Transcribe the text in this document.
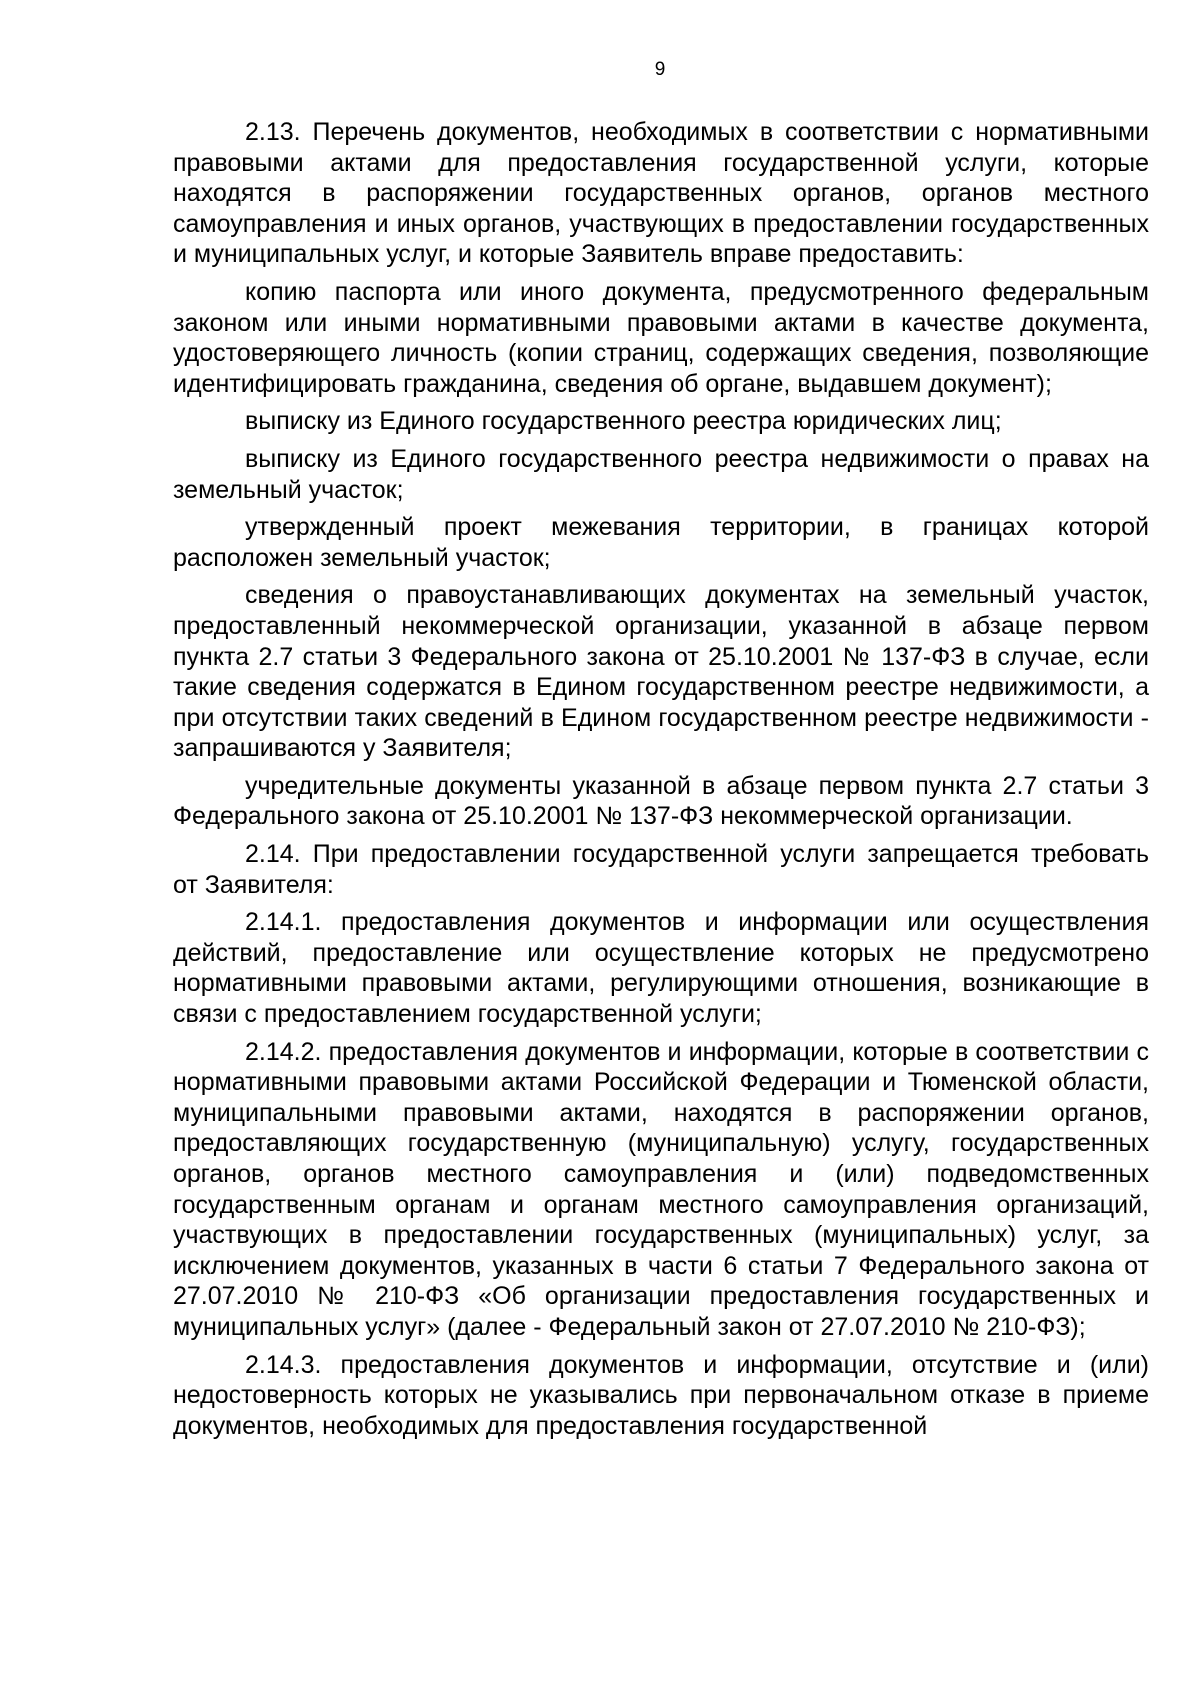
9

2.13. Перечень документов, необходимых в соответствии с нормативными правовыми актами для предоставления государственной услуги, которые находятся в распоряжении государственных органов, органов местного самоуправления и иных органов, участвующих в предоставлении государственных и муниципальных услуг, и которые Заявитель вправе предоставить:

копию паспорта или иного документа, предусмотренного федеральным законом или иными нормативными правовыми актами в качестве документа, удостоверяющего личность (копии страниц, содержащих сведения, позволяющие идентифицировать гражданина, сведения об органе, выдавшем документ);

выписку из Единого государственного реестра юридических лиц;

выписку из Единого государственного реестра недвижимости о правах на земельный участок;

утвержденный проект межевания территории, в границах которой расположен земельный участок;

сведения о правоустанавливающих документах на земельный участок, предоставленный некоммерческой организации, указанной в абзаце первом пункта 2.7 статьи 3 Федерального закона от 25.10.2001 № 137-ФЗ в случае, если такие сведения содержатся в Едином государственном реестре недвижимости, а при отсутствии таких сведений в Едином государственном реестре недвижимости - запрашиваются у Заявителя;

учредительные документы указанной в абзаце первом пункта 2.7 статьи 3 Федерального закона от 25.10.2001 № 137-ФЗ некоммерческой организации.

2.14. При предоставлении государственной услуги запрещается требовать от Заявителя:

2.14.1. предоставления документов и информации или осуществления действий, предоставление или осуществление которых не предусмотрено нормативными правовыми актами, регулирующими отношения, возникающие в связи с предоставлением государственной услуги;

2.14.2. предоставления документов и информации, которые в соответствии с нормативными правовыми актами Российской Федерации и Тюменской области, муниципальными правовыми актами, находятся в распоряжении органов, предоставляющих государственную (муниципальную) услугу, государственных органов, органов местного самоуправления и (или) подведомственных государственным органам и органам местного самоуправления организаций, участвующих в предоставлении государственных (муниципальных) услуг, за исключением документов, указанных в части 6 статьи 7 Федерального закона от 27.07.2010 № 210-ФЗ «Об организации предоставления государственных и муниципальных услуг» (далее - Федеральный закон от 27.07.2010 № 210-ФЗ);

2.14.3. предоставления документов и информации, отсутствие и (или) недостоверность которых не указывались при первоначальном отказе в приеме документов, необходимых для предоставления государственной
